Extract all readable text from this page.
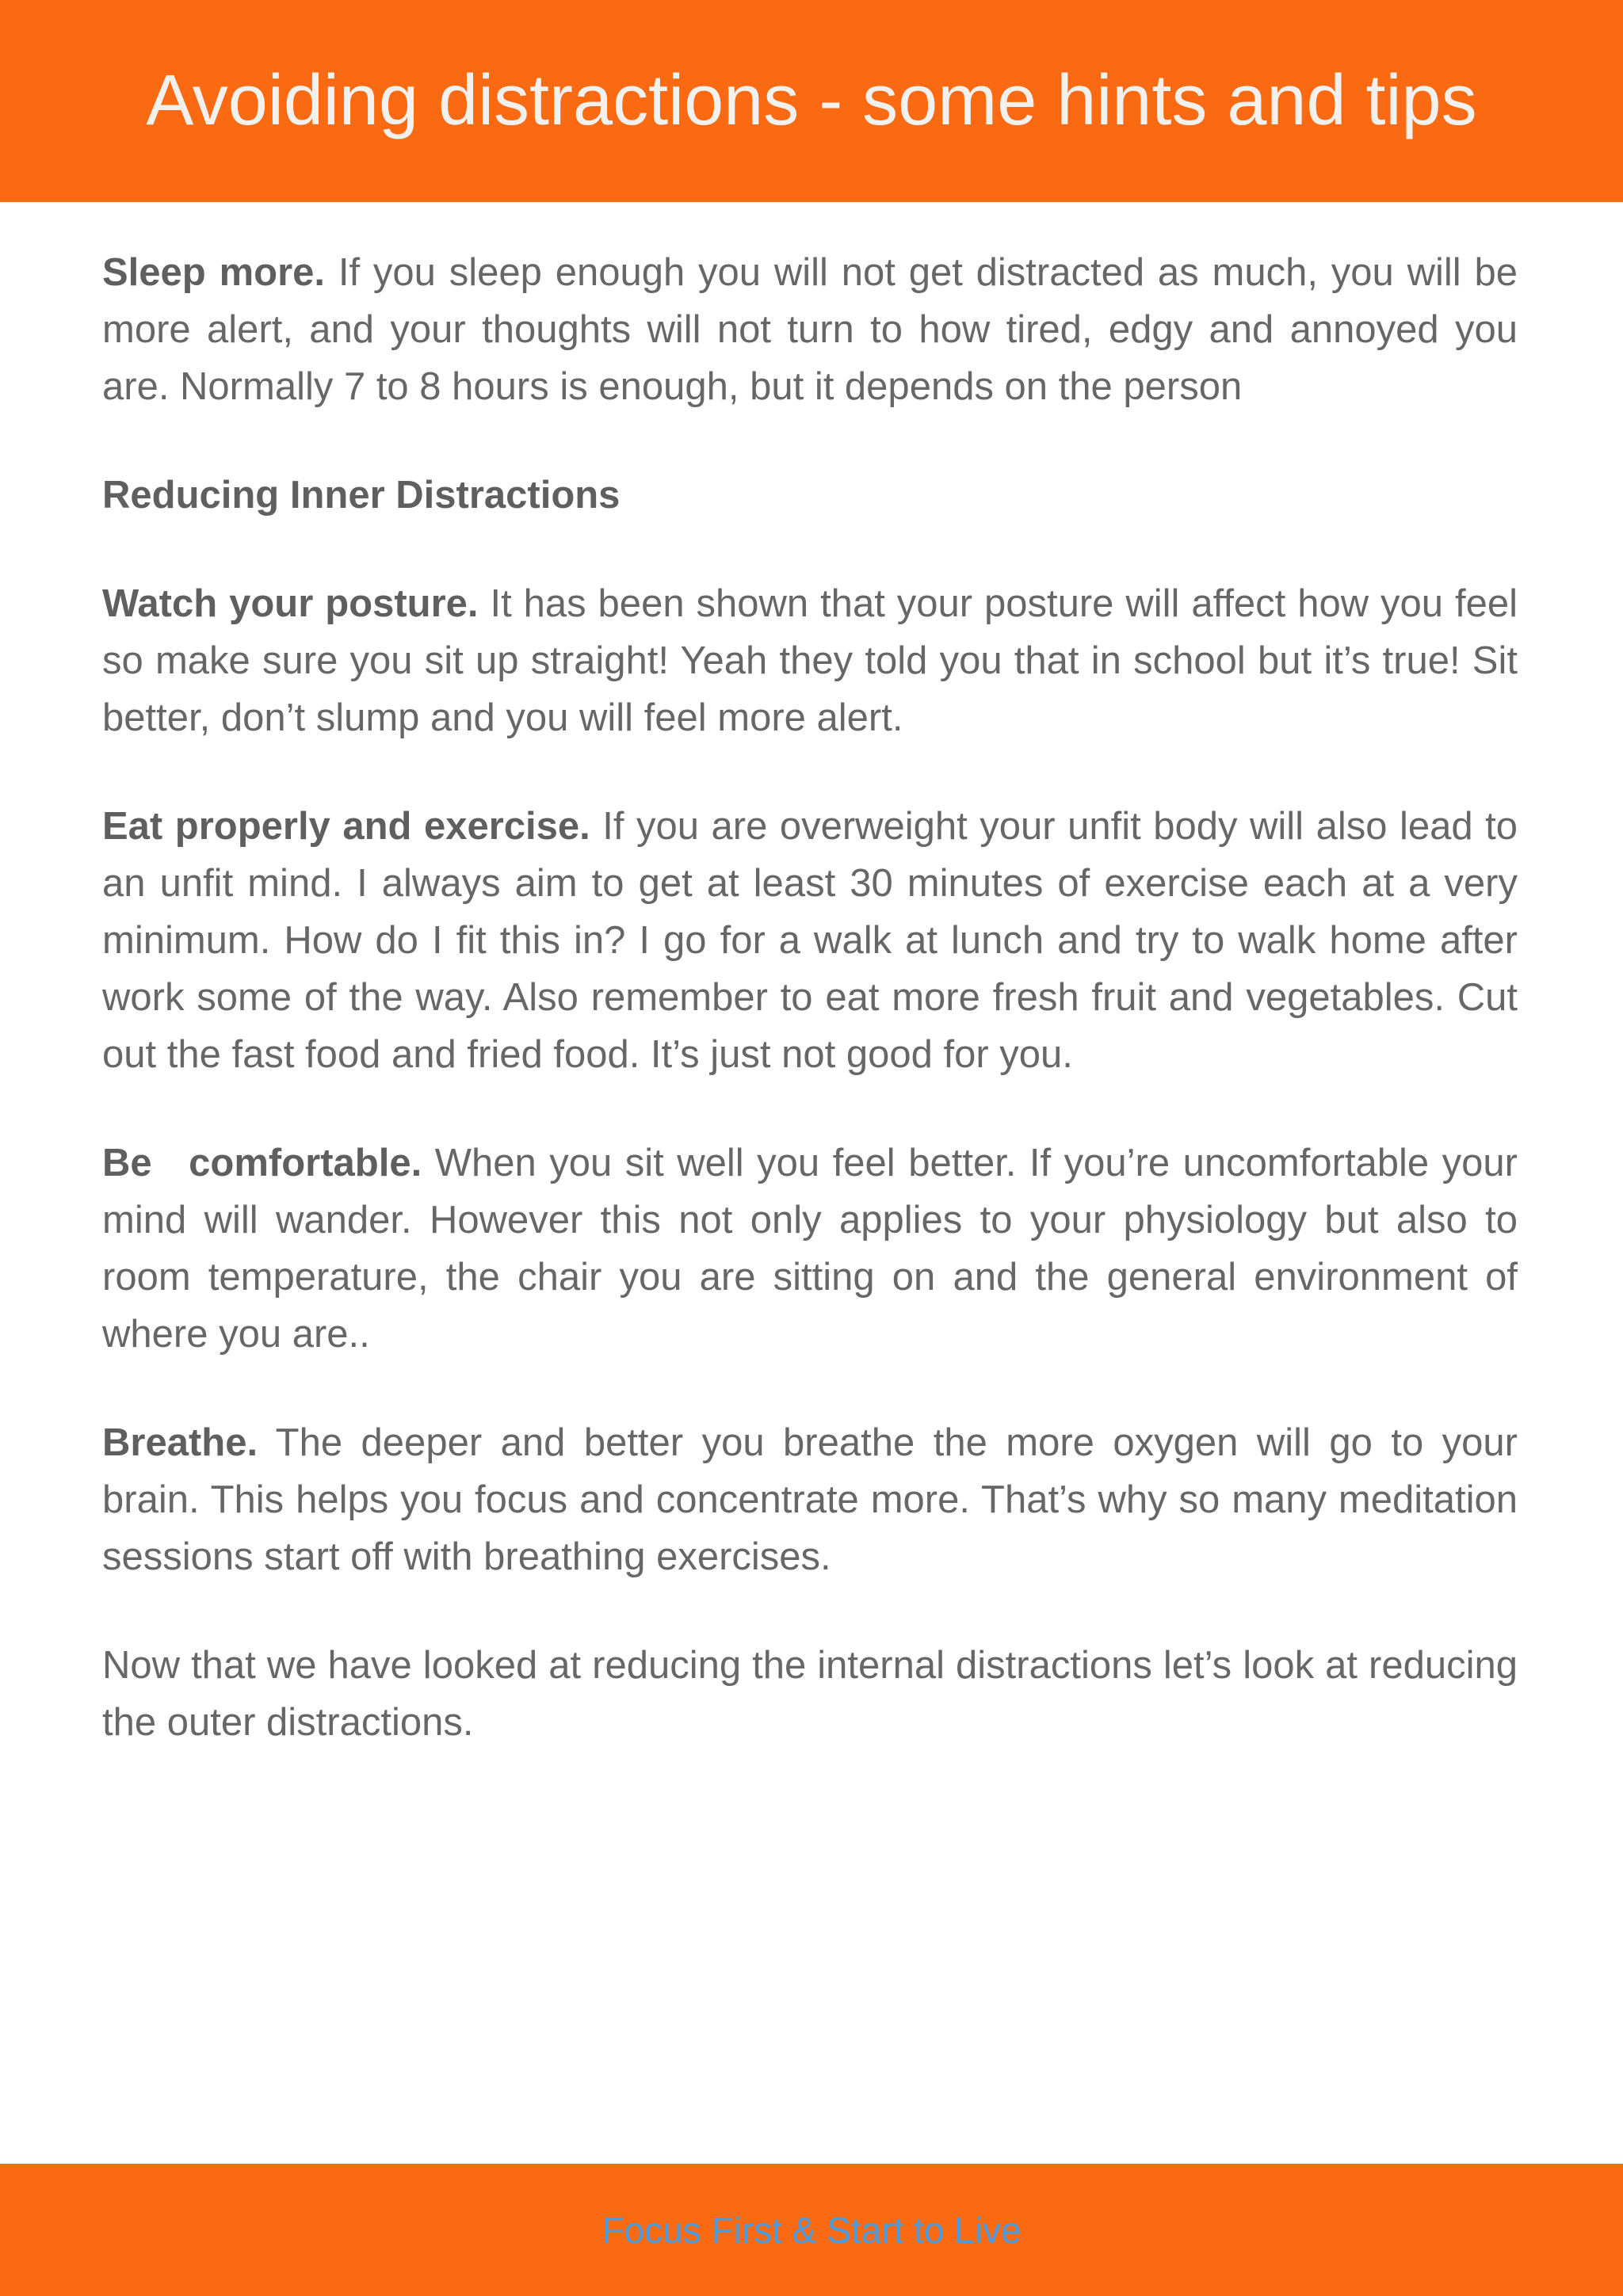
Avoiding distractions - some hints and tips

Sleep more. If you sleep enough you will not get distracted as much, you will be more alert, and your thoughts will not turn to how tired, edgy and annoyed you are. Normally 7 to 8 hours is enough, but it depends on the person

Reducing Inner Distractions

Watch your posture. It has been shown that your posture will affect how you feel so make sure you sit up straight! Yeah they told you that in school but it’s true! Sit better, don’t slump and you will feel more alert.

Eat properly and exercise. If you are overweight your unfit body will also lead to an unfit mind. I always aim to get at least 30 minutes of exercise each at a very minimum. How do I fit this in? I go for a walk at lunch and try to walk home after work some of the way. Also remember to eat more fresh fruit and vegetables. Cut out the fast food and fried food. It’s just not good for you.

Be comfortable. When you sit well you feel better. If you’re uncomfortable your mind will wander. However this not only applies to your physiology but also to room temperature, the chair you are sitting on and the general environment of where you are..

Breathe. The deeper and better you breathe the more oxygen will go to your brain. This helps you focus and concentrate more. That’s why so many meditation sessions start off with breathing exercises.

Now that we have looked at reducing the internal distractions let’s look at reducing the outer distractions.

Focus First & Start to Live
